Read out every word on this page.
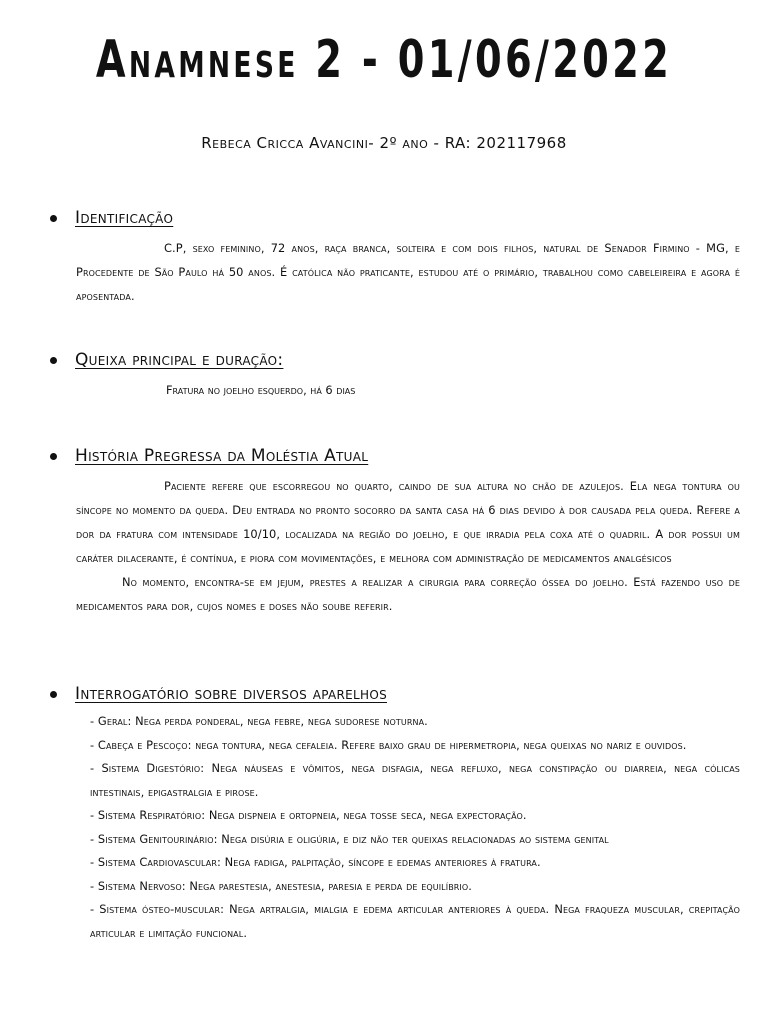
Anamnese 2 - 01/06/2022
Rebeca Cricca Avancini- 2º ano - RA: 202117968
Identificação
C.P, sexo feminino, 72 anos, raça branca, solteira e com dois filhos, natural de Senador Firmino - MG, e Procedente de São Paulo há 50 anos. É católica não praticante, estudou até o primário, trabalhou como cabeleireira e agora é aposentada.
Queixa principal e duração:
Fratura no joelho esquerdo, há 6 dias
História Pregressa da Moléstia Atual
Paciente refere que escorregou no quarto, caindo de sua altura no chão de azulejos. Ela nega tontura ou síncope no momento da queda. Deu entrada no pronto socorro da santa casa há 6 dias devido à dor causada pela queda. Refere a dor da fratura com intensidade 10/10, localizada na região do joelho, e que irradia pela coxa até o quadril. A dor possui um caráter dilacerante, é contínua, e piora com movimentações, e melhora com administração de medicamentos analgésicos
No momento, encontra-se em jejum, prestes a realizar a cirurgia para correção óssea do joelho. Está fazendo uso de medicamentos para dor, cujos nomes e doses não soube referir.
Interrogatório sobre diversos aparelhos
- Geral: Nega perda ponderal, nega febre, nega sudorese noturna.
- Cabeça e Pescoço: nega tontura, nega cefaleia. Refere baixo grau de hipermetropia, nega queixas no nariz e ouvidos.
- Sistema Digestório: Nega náuseas e vômitos, nega disfagia, nega refluxo, nega constipação ou diarreia, nega cólicas intestinais, epigastralgia e pirose.
- Sistema Respiratório: Nega dispneia e ortopneia, nega tosse seca, nega expectoração.
- Sistema Genitourinário: Nega disúria e oligúria, e diz não ter queixas relacionadas ao sistema genital
- Sistema Cardiovascular: Nega fadiga, palpitação, síncope e edemas anteriores à fratura.
- Sistema Nervoso: Nega parestesia, anestesia, paresia e perda de equilíbrio.
- Sistema ósteo-muscular: Nega artralgia, mialgia e edema articular anteriores à queda. Nega fraqueza muscular, crepitação articular e limitação funcional.
